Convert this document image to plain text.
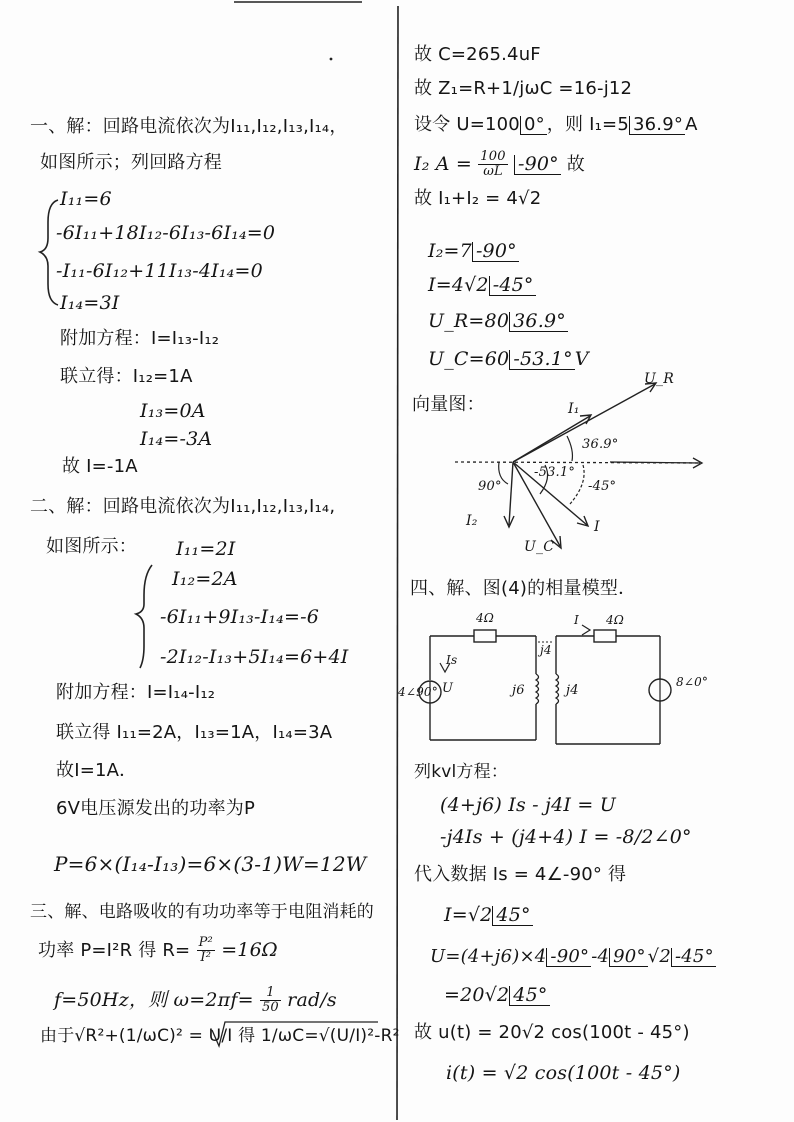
一、解：回路电流依次为I₁₁,I₁₂,I₁₃,I₁₄，
如图所示；列回路方程
I₁₁=6
-6I₁₁+18I₁₂-6I₁₃-6I₁₄=0
-I₁₁-6I₁₂+11I₁₃-4I₁₄=0
I₁₄=3I
附加方程：I=I₁₃-I₁₂
联立得：I₁₂=1A
I₁₃=0A
I₁₄=-3A
故 I=-1A
二、解：回路电流依次为I₁₁,I₁₂,I₁₃,I₁₄,
如图所示： I₁₁=2I
I₁₂=2A
-6I₁₁+9I₁₃-I₁₄=-6
-2I₁₂-I₁₃+5I₁₄=6+4I
附加方程：I=I₁₄-I₁₂
联立得 I₁₁=2A，I₁₃=1A，I₁₄=3A
故I=1A．
6V电压源发出的功率为P
P=6×(I₁₄-I₁₃)=6×(3-1)W=12W
三、解、电路吸收的有功功率等于电阻消耗的
功率 P=I²R 得 $R= \frac{\text{P²}}{\text{I²}} =16\Omega$
f=50Hz，则 $\omega=2\pi f= \frac{1}{50} rad/s$
由于√R²+(1/ωC)² = U/I 得 1/ωC=√(U/I)²-R²
故 C=265.4uF
故 Z₁=R+1/jωC =16-j12
设令 U=100 0° ，则 I₁=5 36.9° A
I₂ $A = \frac{100}{\omega L} -90^\circ$ 故
故 I₁+I₂ = 4√2
I₂=7 -90°
I=4√2 -45°
U_R=80 36.9°
U_C=60 -53.1° V
向量图：
U_R
I₁
36.9°
-53.1°
-45°
90°
I₂
U_C
I
四、解、图(4)的相量模型．
4Ω
Is
U
4∠90°	j6
j4
j4
I 4Ω
8∠0°
列kvl方程：
(4+j6) Is - j4I = U
-j4Is + (j4+4) I = -8/2∠0°
代入数据 Is = 4∠-90° 得
I=√2 45°
U=(4+j6)×4 -90° -4 90° √2 -45°
=20√2 45°
故 u(t) = 20√2 cos(100t - 45°)
i(t) = √2 cos(100t - 45°)
